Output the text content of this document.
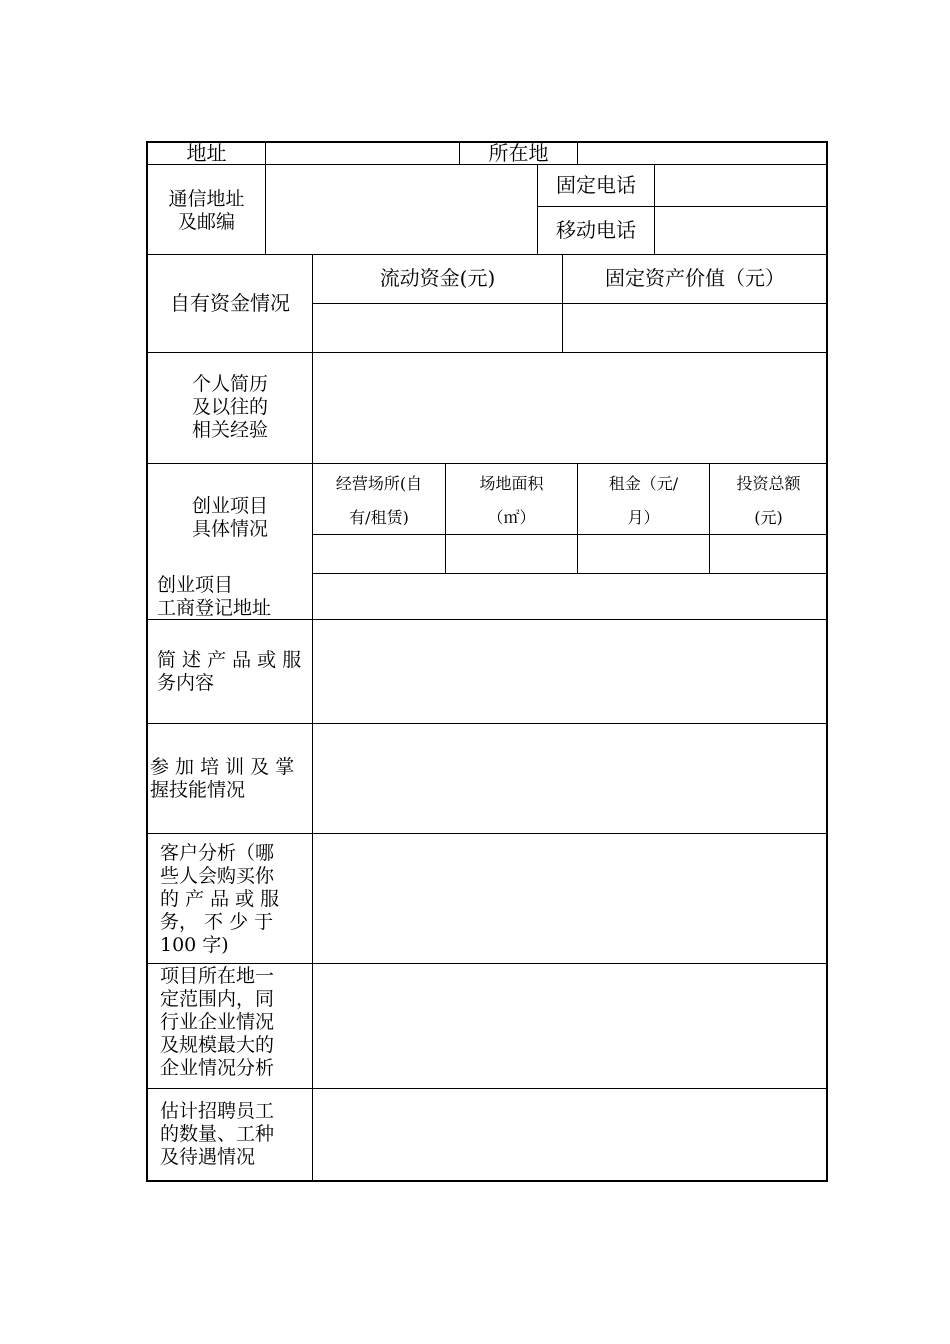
地址	所在地
通信地址
及邮编
固定电话
移动电话
自有资金情况
流动资金(元)	固定资产价值（元）
个人简历
及以往的
相关经验
创业项目
具体情况
经营场所(自
有/租赁)
场地面积
（㎡）
租金（元/
月）
投资总额
(元)
创业项目
工商登记地址
简 述 产 品 或 服
务内容
参 加 培 训 及 掌
握技能情况
客户分析（哪
些人会购买你
的 产 品 或 服
务， 不 少 于
100 字)
项目所在地一
定范围内，同
行业企业情况
及规模最大的
企业情况分析
估计招聘员工
的数量、工种
及待遇情况
